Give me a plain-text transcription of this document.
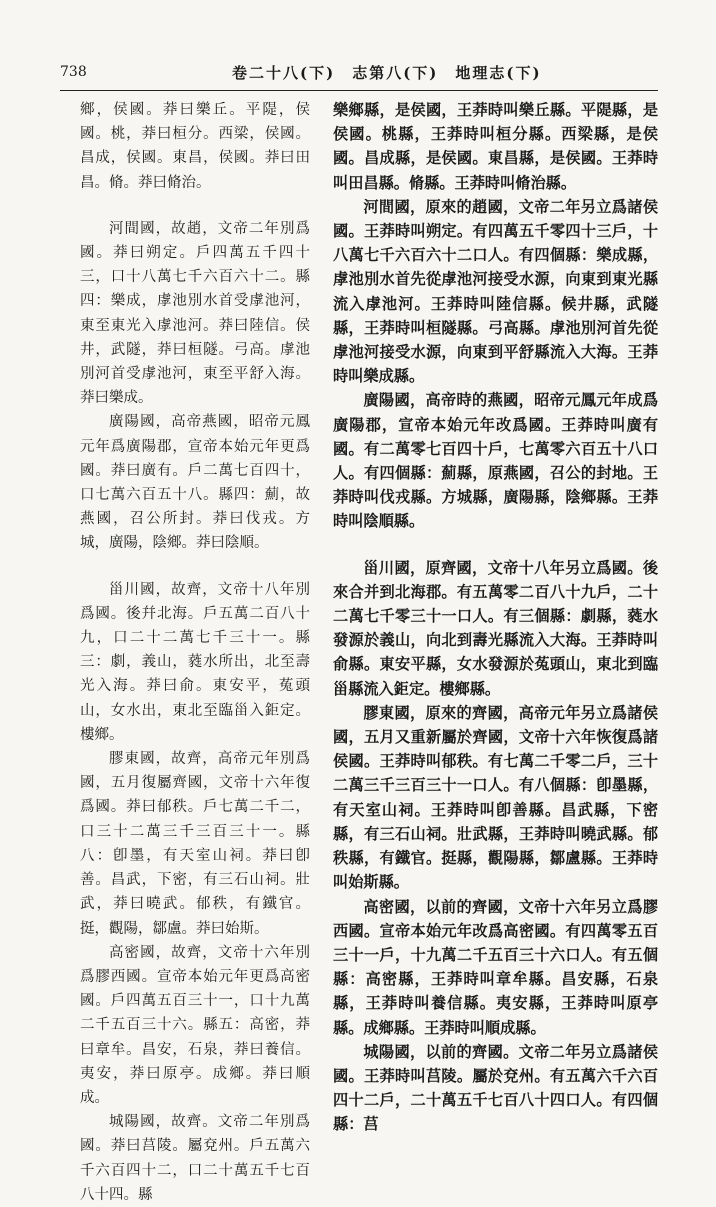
738	卷二十八(下)　志第八(下)　地理志(下)

鄉，侯國。莽曰樂丘。平隄，侯國。桃，莽曰桓分。西梁，侯國。昌成，侯國。東昌，侯國。莽曰田昌。脩。莽曰脩治。

河間國，故趙，文帝二年別爲國。莽曰朔定。戶四萬五千四十三，口十八萬七千六百六十二。縣四：樂成，虖池別水首受虖池河，東至東光入虖池河。莽曰陸信。侯井，武隧，莽曰桓隧。弓高。虖池別河首受虖池河，東至平舒入海。莽曰樂成。

廣陽國，高帝燕國，昭帝元鳳元年爲廣陽郡，宣帝本始元年更爲國。莽曰廣有。戶二萬七百四十，口七萬六百五十八。縣四：薊，故燕國，召公所封。莽曰伐戎。方城，廣陽，陰鄉。莽曰陰順。

甾川國，故齊，文帝十八年別爲國。後幷北海。戶五萬二百八十九，口二十二萬七千三十一。縣三：劇，義山，蕤水所出，北至壽光入海。莽曰俞。東安平，菟頭山，女水出，東北至臨甾入鉅定。樓鄉。

膠東國，故齊，高帝元年別爲國，五月復屬齊國，文帝十六年復爲國。莽曰郁秩。戶七萬二千二，口三十二萬三千三百三十一。縣八：卽墨，有天室山祠。莽曰卽善。昌武，下密，有三石山祠。壯武，莽曰曉武。郁秩，有鐵官。挺，觀陽，鄒盧。莽曰始斯。

高密國，故齊，文帝十六年別爲膠西國。宣帝本始元年更爲高密國。戶四萬五百三十一，口十九萬二千五百三十六。縣五：高密，莽曰章牟。昌安，石泉，莽曰養信。夷安，莽曰原亭。成鄉。莽曰順成。

城陽國，故齊。文帝二年別爲國。莽曰莒陵。屬兗州。戶五萬六千六百四十二，口二十萬五千七百八十四。縣

樂鄉縣，是侯國，王莽時叫樂丘縣。平隄縣，是侯國。桃縣，王莽時叫桓分縣。西梁縣，是侯國。昌成縣，是侯國。東昌縣，是侯國。王莽時叫田昌縣。脩縣。王莽時叫脩治縣。

河間國，原來的趙國，文帝二年另立爲諸侯國。王莽時叫朔定。有四萬五千零四十三戶，十八萬七千六百六十二口人。有四個縣：樂成縣，虖池別水首先從虖池河接受水源，向東到東光縣流入虖池河。王莽時叫陸信縣。候井縣，武隧縣，王莽時叫桓隧縣。弓高縣。虖池別河首先從虖池河接受水源，向東到平舒縣流入大海。王莽時叫樂成縣。

廣陽國，高帝時的燕國，昭帝元鳳元年成爲廣陽郡，宣帝本始元年改爲國。王莽時叫廣有國。有二萬零七百四十戶，七萬零六百五十八口人。有四個縣：薊縣，原燕國，召公的封地。王莽時叫伐戎縣。方城縣，廣陽縣，陰鄉縣。王莽時叫陰順縣。

甾川國，原齊國，文帝十八年另立爲國。後來合并到北海郡。有五萬零二百八十九戶，二十二萬七千零三十一口人。有三個縣：劇縣，蕤水發源於義山，向北到壽光縣流入大海。王莽時叫俞縣。東安平縣，女水發源於菟頭山，東北到臨甾縣流入鉅定。樓鄉縣。

膠東國，原來的齊國，高帝元年另立爲諸侯國，五月又重新屬於齊國，文帝十六年恢復爲諸侯國。王莽時叫郁秩。有七萬二千零二戶，三十二萬三千三百三十一口人。有八個縣：卽墨縣，有天室山祠。王莽時叫卽善縣。昌武縣，下密縣，有三石山祠。壯武縣，王莽時叫曉武縣。郁秩縣，有鐵官。挺縣，觀陽縣，鄒盧縣。王莽時叫始斯縣。

高密國，以前的齊國，文帝十六年另立爲膠西國。宣帝本始元年改爲高密國。有四萬零五百三十一戶，十九萬二千五百三十六口人。有五個縣：高密縣，王莽時叫章牟縣。昌安縣，石泉縣，王莽時叫養信縣。夷安縣，王莽時叫原亭縣。成鄉縣。王莽時叫順成縣。

城陽國，以前的齊國。文帝二年另立爲諸侯國。王莽時叫莒陵。屬於兗州。有五萬六千六百四十二戶，二十萬五千七百八十四口人。有四個縣：莒
